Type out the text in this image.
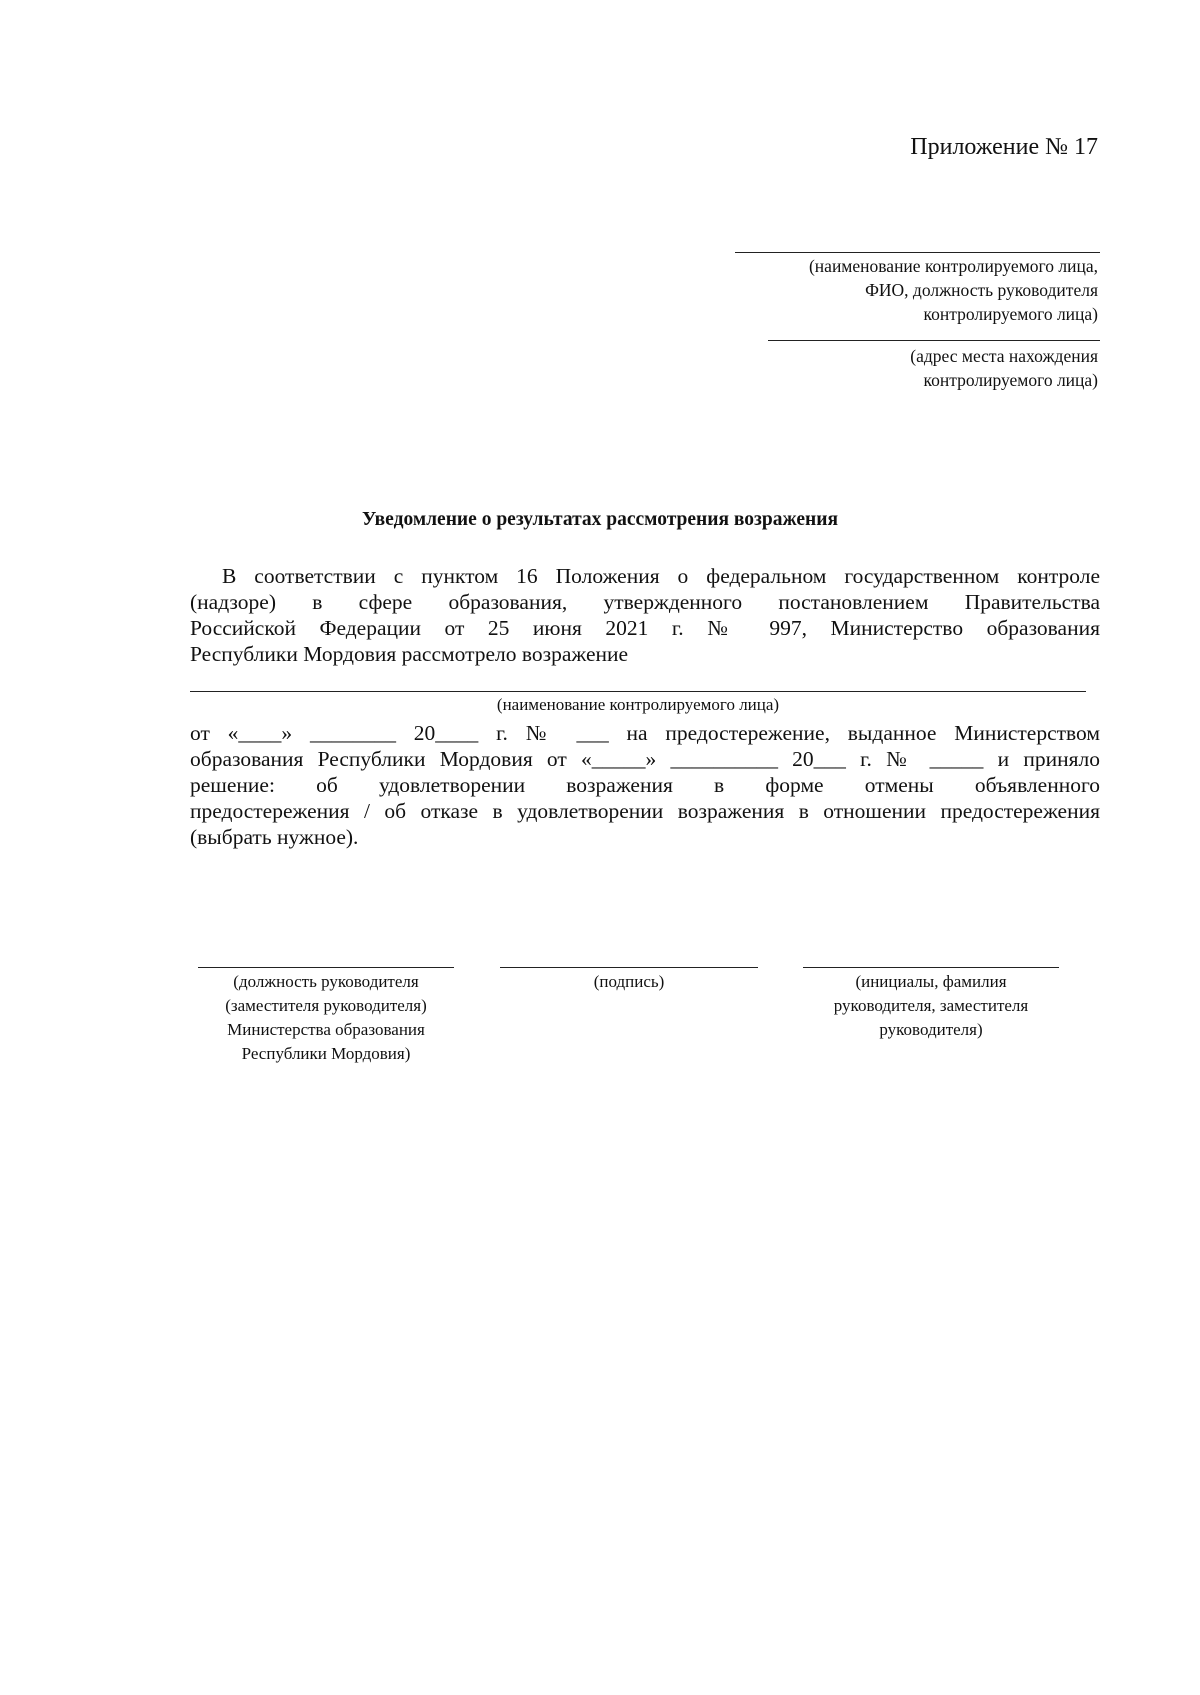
Приложение № 17
(наименование контролируемого лица,
ФИО, должность руководителя
контролируемого лица)
(адрес места нахождения
контролируемого лица)
Уведомление о результатах рассмотрения возражения
В соответствии с пунктом 16 Положения о федеральном государственном контроле
(надзоре) в сфере образования, утвержденного постановлением Правительства
Российской Федерации от 25 июня 2021 г. № 997, Министерство образования
Республики Мордовия рассмотрело возражение
(наименование контролируемого лица)
от «____» ________ 20____ г. № ___ на предостережение, выданное Министерством
образования Республики Мордовия от «_____» __________ 20___ г. № _____ и приняло
решение: об удовлетворении возражения в форме отмены объявленного
предостережения / об отказе в удовлетворении возражения в отношении предостережения
(выбрать нужное).
(должность руководителя
(заместителя руководителя)
Министерства образования
Республики Мордовия)
(подпись)	(инициалы, фамилия
руководителя, заместителя
руководителя)
